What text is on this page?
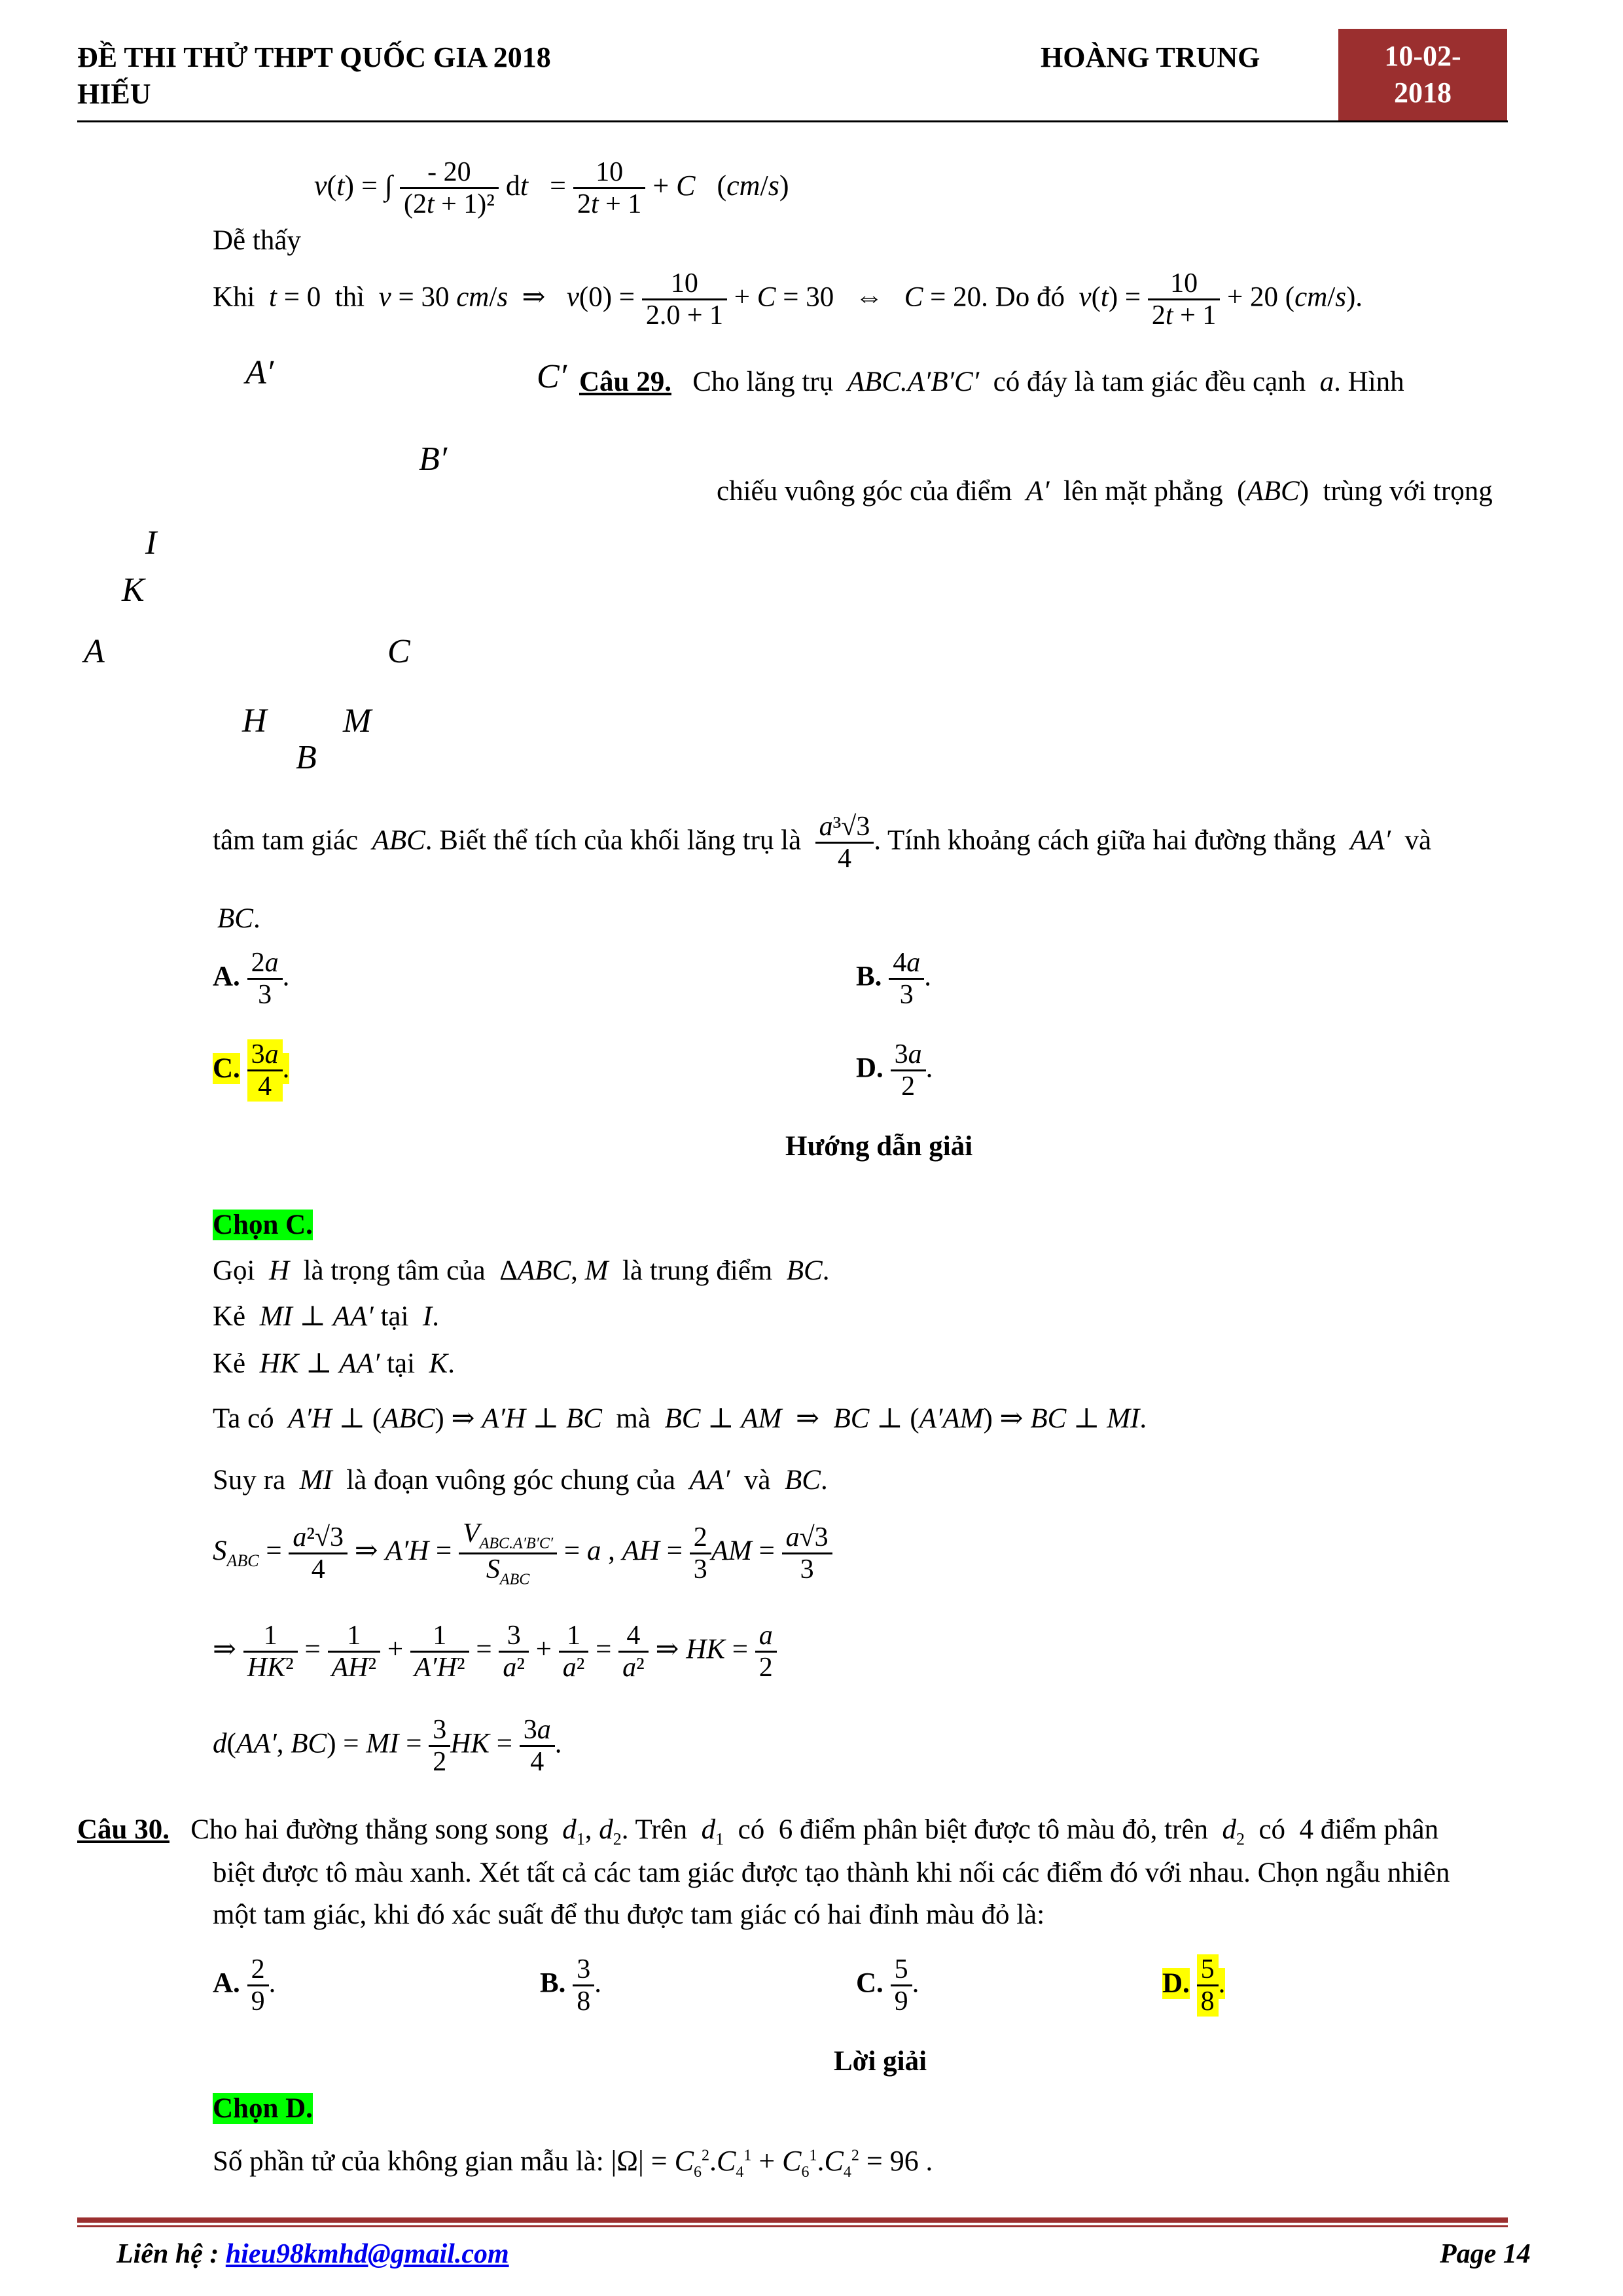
ĐỀ THI THỬ THPT QUỐC GIA 2018
HIẾU
HOÀNG TRUNG	10-02-
2018
v(t) = ∫ $\frac{- 20}{\text{(2t + 1)²}}$ dt   = $\frac{10}{2t + 1} + C$   (cm/s)
Dễ thấy
Khi  t = 0  thì  v = 30 cm/s  ⇒   $v(0) = \frac{10}{2.0 + 1} + C = 30$   ⇔   C = 20. Do đó  $v(t) = \frac{10}{2t + 1} + 20$ (cm/s).
A′	C′
B′
I
K
A	C
H M
B
Câu 29.   Cho lăng trụ  ABC.A′B′C′  có đáy là tam giác đều cạnh  a. Hình
chiếu vuông góc của điểm  A′  lên mặt phẳng  (ABC)  trùng với trọng
tâm tam giác  ABC. Biết thể tích của khối lăng trụ là $\frac{\text{a³√3}}{4}$ . Tính khoảng cách giữa hai đường thẳng  AA′  và
BC.
A. $\frac{2a}{3}$ .	B. $\frac{4a}{3}$ .
C. $\frac{3a}{4}$ .	D. $\frac{3a}{2}$ .
Hướng dẫn giải
Chọn C.
Gọi  H  là trọng tâm của  ΔABC, M  là trung điểm  BC.
Kẻ  MI ⊥ AA′ tại  I.
Kẻ  HK ⊥ AA′ tại  K.
Ta có  A′H ⊥ (ABC) ⇒ A′H ⊥ BC  mà  BC ⊥ AM  ⇒  BC ⊥ (A′AM) ⇒ BC ⊥ MI.
Suy ra  MI  là đoạn vuông góc chung của  AA′  và  BC.
$S_{ABC} = \frac{\text{a²√3}}{4}$ ⇒ $A'H = \frac{V_{ABC.A'B'C'}}{S_{ABC}} = a$ , AH = $\frac{2}{3}$ AM = $\frac{a√3}{3}$
⇒ $\frac{1}{\text{HK²}} = \frac{1}{\text{AH²}} + \frac{1}{\text{A′H²}} = \frac{3}{\text{a²}} + \frac{1}{\text{a²}} = \frac{4}{\text{a²}}$ ⇒ HK = $\frac{a}{2}$
d(AA′, BC) = MI = $\frac{3}{2}$ HK = $\frac{3a}{4}$ .
Câu 30.   Cho hai đường thẳng song song  $d_1$, $d_2$. Trên  $d_1$  có  6 điểm phân biệt được tô màu đỏ, trên  $d_2$  có  4 điểm phân
biệt được tô màu xanh. Xét tất cả các tam giác được tạo thành khi nối các điểm đó với nhau. Chọn ngẫu nhiên
một tam giác, khi đó xác suất để thu được tam giác có hai đỉnh màu đỏ là:
A. $\frac{2}{9}$ .	B. $\frac{3}{8}$ .	C. $\frac{5}{9}$ .	D. $\frac{5}{8}$ .
Lời giải
Chọn D.
Số phần tử của không gian mẫu là: $|\Omega| = C_6^2.C_4^1 + C_6^1.C_4^2 = 96$ .
Liên hệ : hieu98kmhd@gmail.com	Page 14
